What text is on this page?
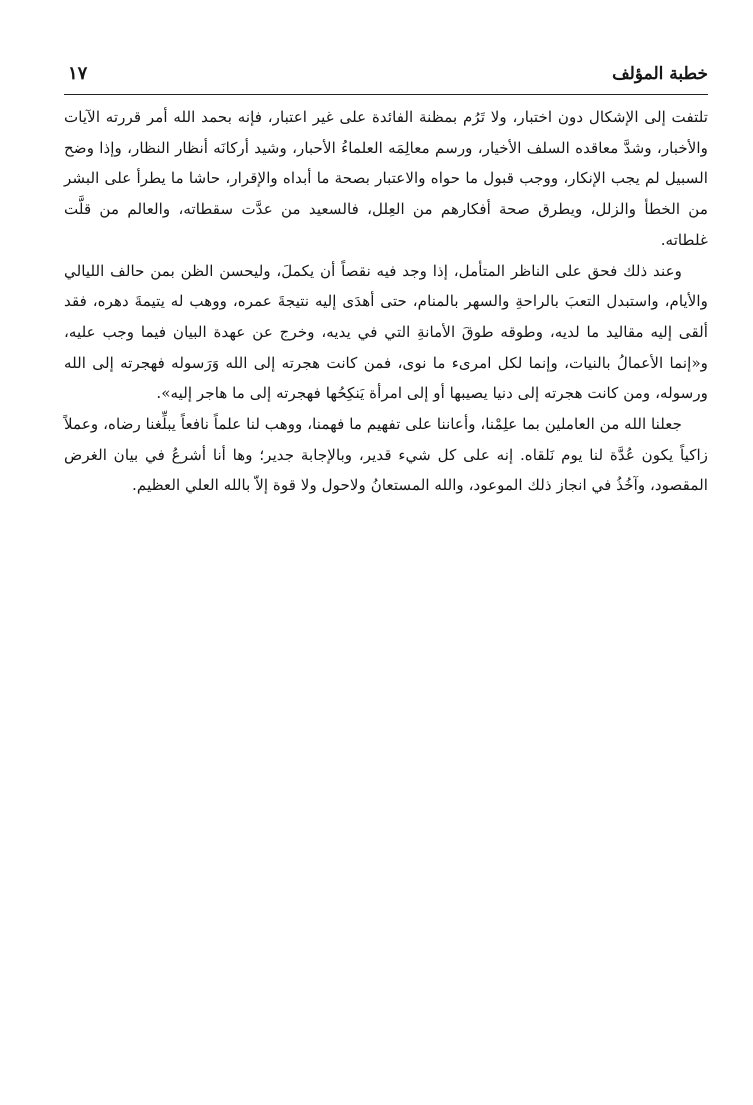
خطبة المؤلف
١٧

تلتفت إلى الإشكال دون اختبار، ولا تَرُم بمظنة الفائدة على غير اعتبار، فإنه بحمد الله أمر قررته الآيات والأخبار، وشدَّ معاقده السلف الأخيار، ورسم معالِمَه العلماءُ الأحبار، وشيد أركانَه أنظار النظار، وإذا وضح السبيل لم يجب الإنكار، ووجب قبول ما حواه والاعتبار بصحة ما أبداه والإقرار، حاشا ما يطرأ على البشر من الخطأ والزلل، ويطرق صحة أفكارهم من العِلل، فالسعيد من عدَّت سقطاته، والعالم من قلَّت غلطاته.

وعند ذلك فحق على الناظر المتأمل، إذا وجد فيه نقصاً أن يكملَ، وليحسن الظن بمن حالف الليالي والأيام، واستبدل التعبَ بالراحةِ والسهر بالمنام، حتى أهدَى إليه نتيجةَ عمره، ووهب له يتيمةَ دهره، فقد ألقى إليه مقاليد ما لديه، وطوقه طوقَ الأمانةِ التي في يديه، وخرج عن عهدة البيان فيما وجب عليه، و«إنما الأعمالُ بالنيات، وإنما لكل امرىء ما نوى، فمن كانت هجرته إلى الله وَرَسوله فهجرته إلى الله ورسوله، ومن كانت هجرته إلى دنيا يصيبها أو إلى امرأة يَنكِحُها فهجرته إلى ما هاجر إليه».

جعلنا الله من العاملين بما علِمْنا، وأعاننا على تفهيم ما فهمنا، ووهب لنا علماً نافعاً يبلِّغنا رضاه، وعملاً زاكياً يكون عُدَّة لنا يوم نَلقاه. إنه على كل شيء قدير، وبالإجابة جدير؛ وها أنا أشرعُ في بيان الغرض المقصود، وآخُذُ في انجاز ذلك الموعود، والله المستعانُ ولاحول ولا قوة إلاّ بالله العلي العظيم.
